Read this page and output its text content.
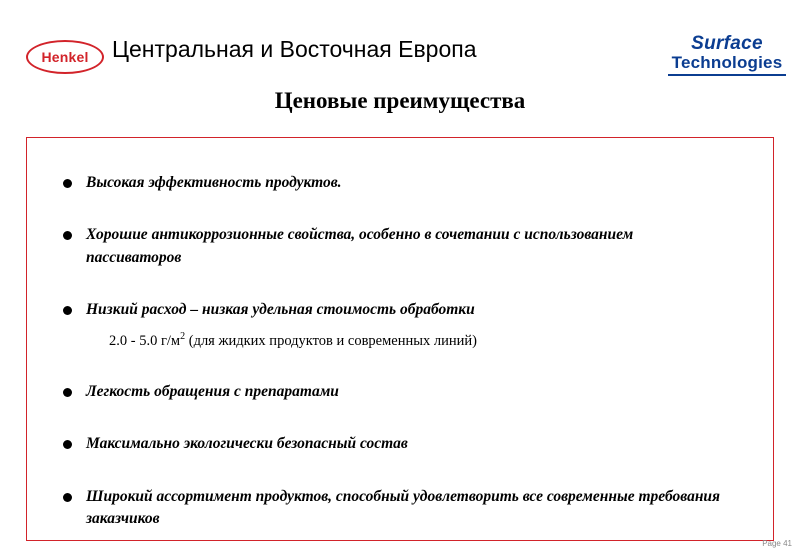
Henkel	Центральная и Восточная Европа	Surface
Technologies
Ценовые преимущества
Высокая эффективность продуктов.
Хорошие антикоррозионные свойства, особенно в сочетании с использованием пассиваторов
Низкий расход – низкая удельная стоимость обработки
2.0 - 5.0 $г/м^2$ (для жидких продуктов и современных линий)
Легкость обращения с препаратами
Максимально экологически безопасный состав
Широкий ассортимент продуктов, способный удовлетворить все современные требования заказчиков
Page 41
